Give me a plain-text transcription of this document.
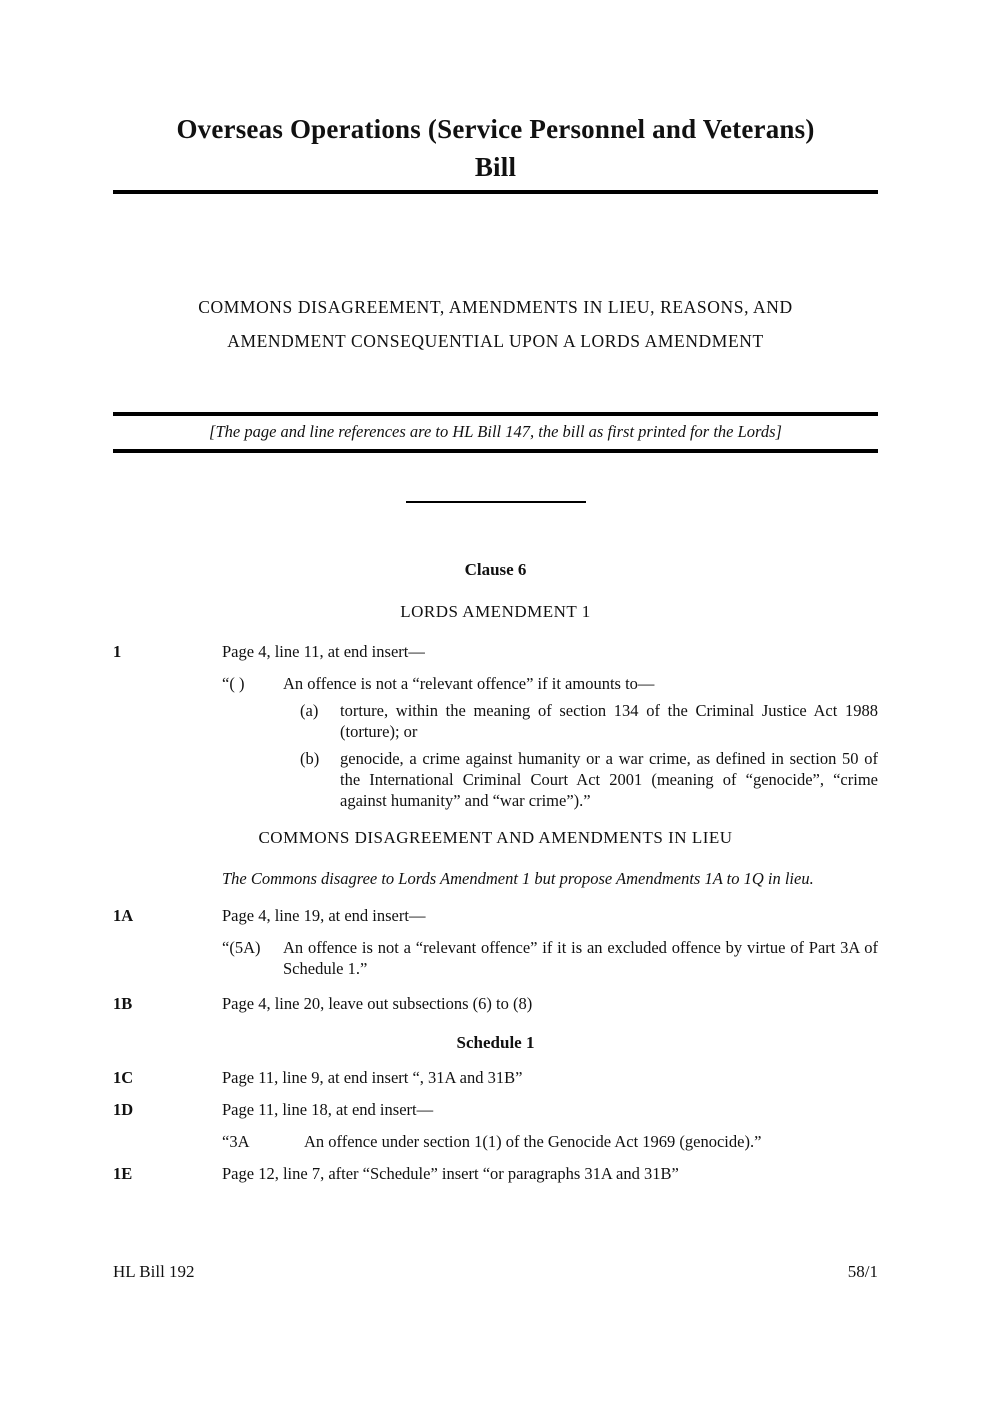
Overseas Operations (Service Personnel and Veterans)
Bill
COMMONS DISAGREEMENT, AMENDMENTS IN LIEU, REASONS, AND
AMENDMENT CONSEQUENTIAL UPON A LORDS AMENDMENT

[The page and line references are to HL Bill 147, the bill as first printed for the Lords]

Clause 6
LORDS AMENDMENT 1
1	Page 4, line 11, at end insert—

“( )	An offence is not a “relevant offence” if it amounts to—
(a)	torture, within the meaning of section 134 of the Criminal Justice Act 1988 (torture); or
(b)	genocide, a crime against humanity or a war crime, as defined in section 50 of the International Criminal Court Act 2001 (meaning of “genocide”, “crime against humanity” and “war crime”).”
COMMONS DISAGREEMENT AND AMENDMENTS IN LIEU

The Commons disagree to Lords Amendment 1 but propose Amendments 1A to 1Q in lieu.

1A	Page 4, line 19, at end insert—

“(5A)	An offence is not a “relevant offence” if it is an excluded offence by virtue of Part 3A of Schedule 1.”
1B	Page 4, line 20, leave out subsections (6) to (8)

Schedule 1
1C	Page 11, line 9, at end insert “, 31A and 31B”

1D	Page 11, line 18, at end insert—

“3A	An offence under section 1(1) of the Genocide Act 1969 (genocide).”
1E	Page 12, line 7, after “Schedule” insert “or paragraphs 31A and 31B”

HL Bill 192	58/1
